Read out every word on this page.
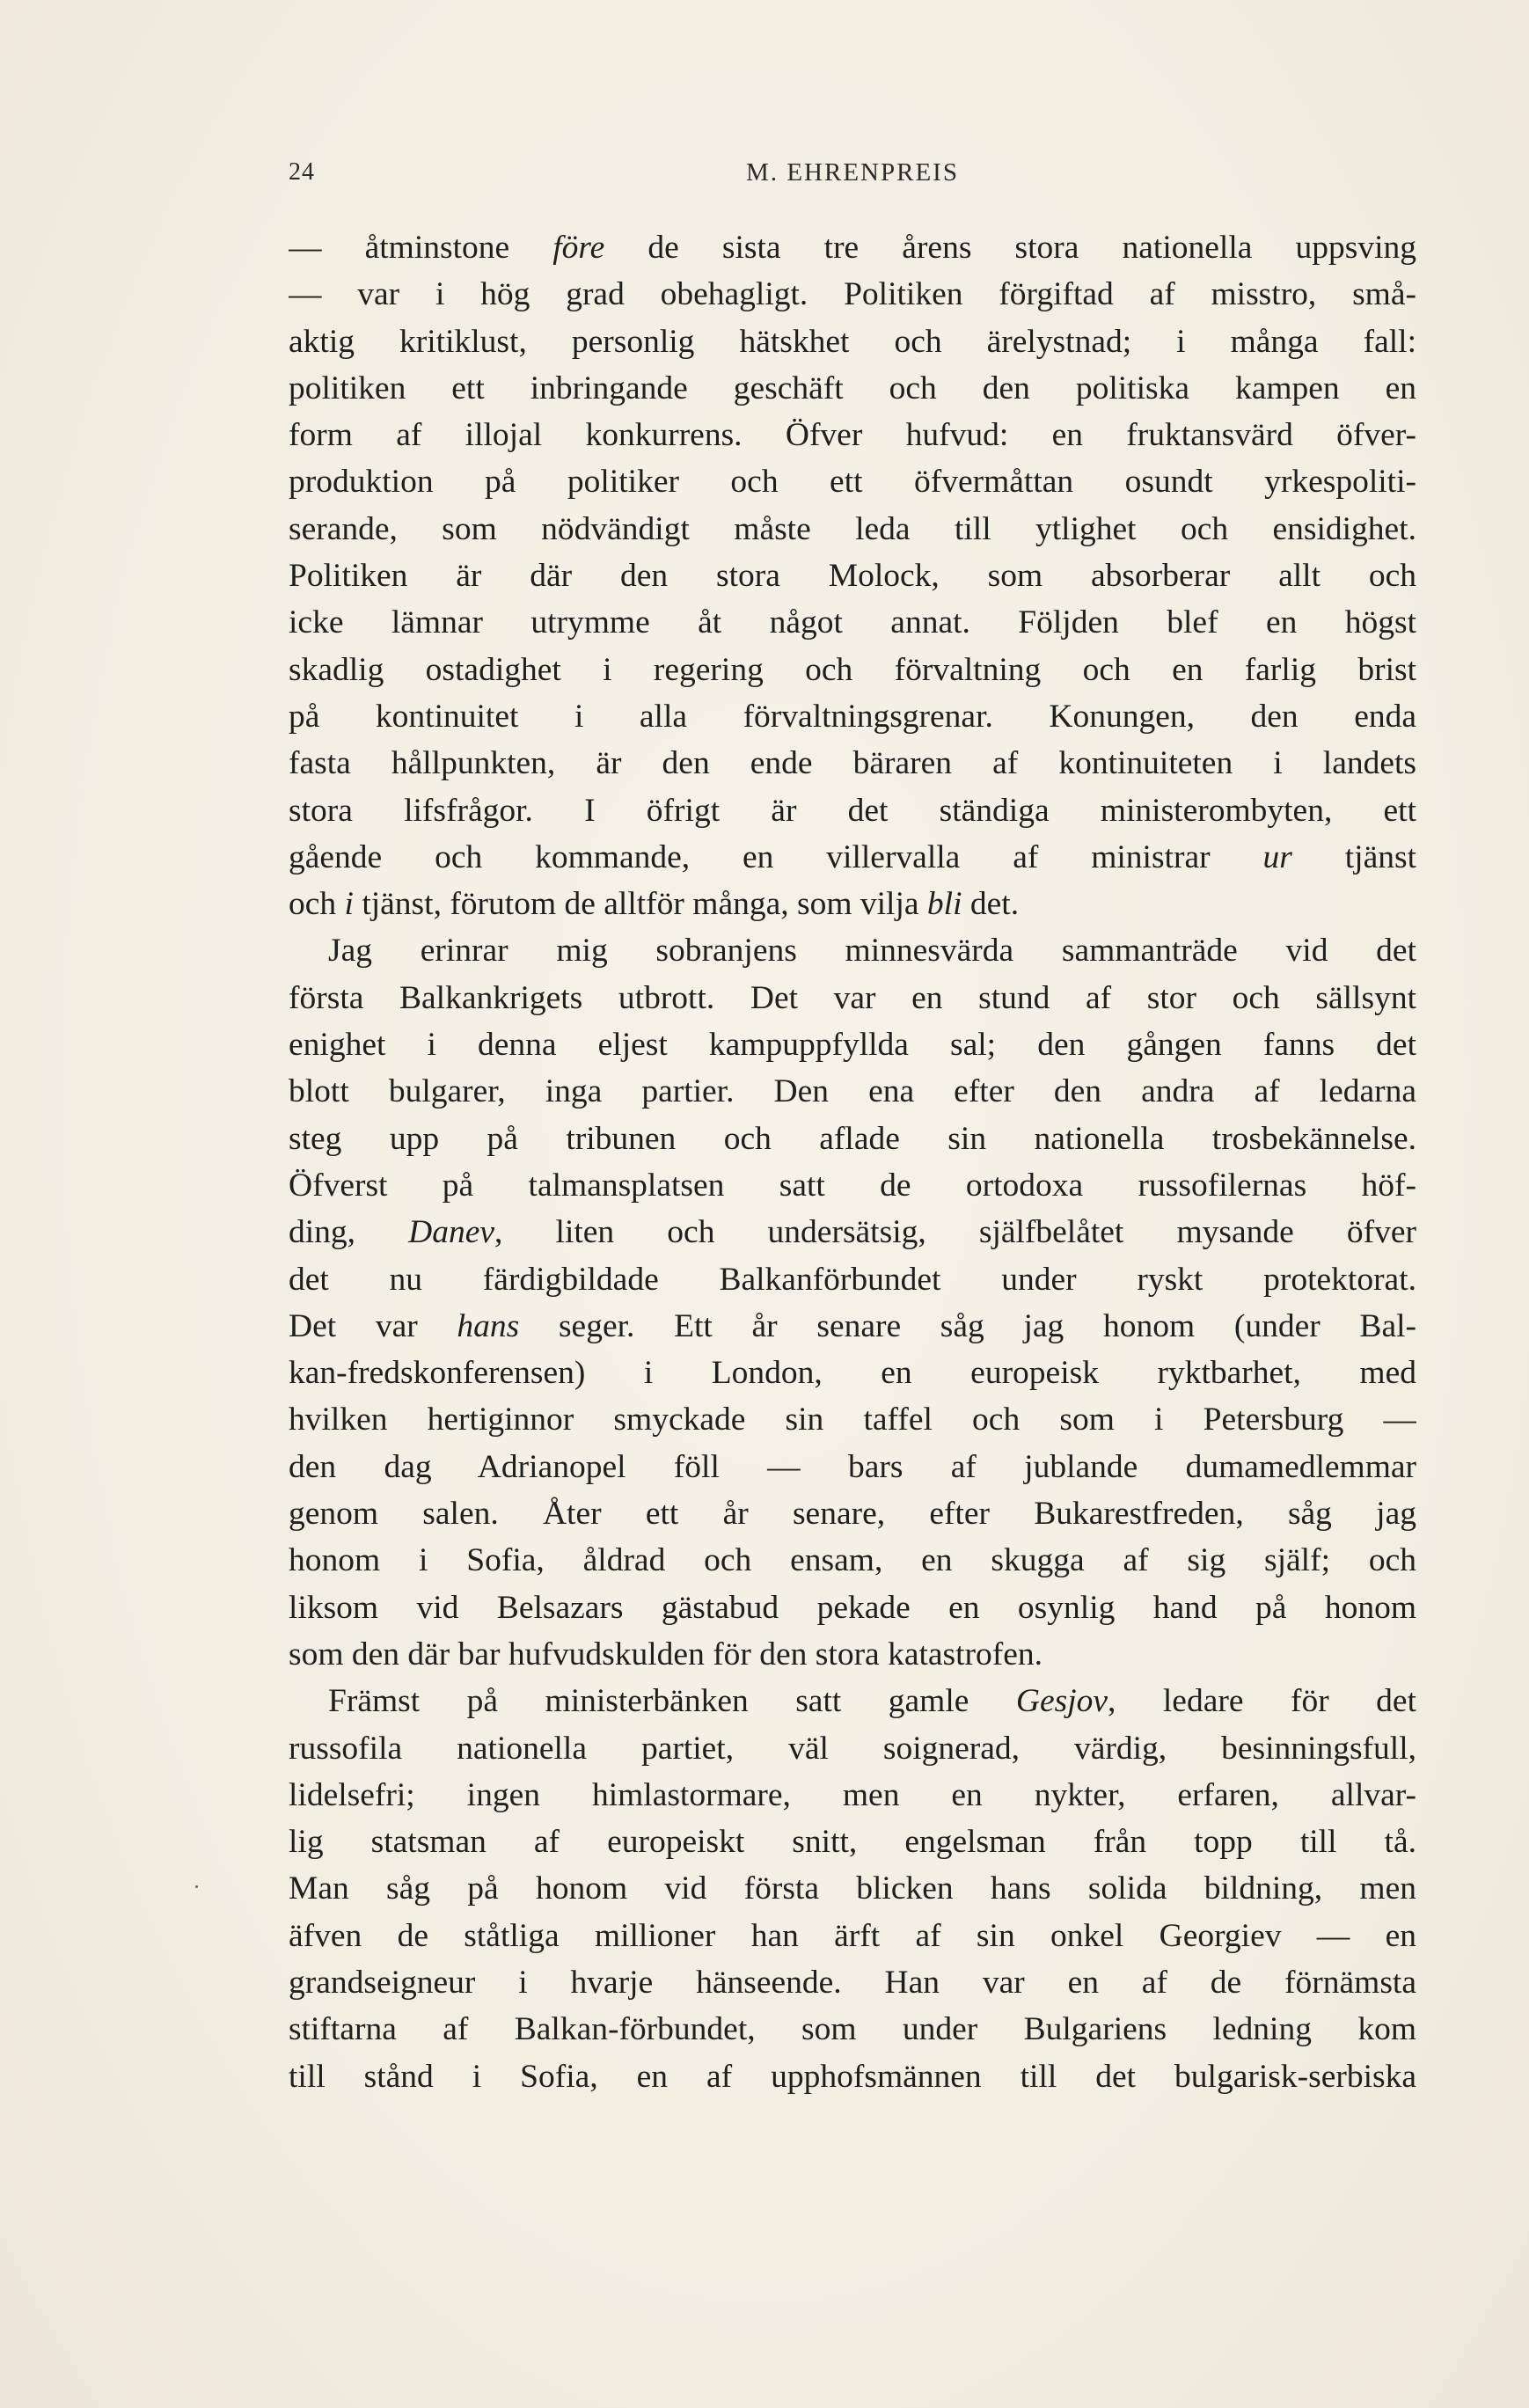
24	M. EHRENPREIS
— åtminstone före de sista tre årens stora nationella uppsving
— var i hög grad obehagligt. Politiken förgiftad af misstro, små-
aktig kritiklust, personlig hätskhet och ärelystnad; i många fall:
politiken ett inbringande geschäft och den politiska kampen en
form af illojal konkurrens. Öfver hufvud: en fruktansvärd öfver-
produktion på politiker och ett öfvermåttan osundt yrkespoliti-
serande, som nödvändigt måste leda till ytlighet och ensidighet.
Politiken är där den stora Molock, som absorberar allt och
icke lämnar utrymme åt något annat. Följden blef en högst
skadlig ostadighet i regering och förvaltning och en farlig brist
på kontinuitet i alla förvaltningsgrenar. Konungen, den enda
fasta hållpunkten, är den ende bäraren af kontinuiteten i landets
stora lifsfrågor. I öfrigt är det ständiga ministerombyten, ett
gående och kommande, en villervalla af ministrar ur tjänst
och i tjänst, förutom de alltför många, som vilja bli det.
Jag erinrar mig sobranjens minnesvärda sammanträde vid det
första Balkankrigets utbrott. Det var en stund af stor och sällsynt
enighet i denna eljest kampuppfyllda sal; den gången fanns det
blott bulgarer, inga partier. Den ena efter den andra af ledarna
steg upp på tribunen och aflade sin nationella trosbekännelse.
Öfverst på talmansplatsen satt de ortodoxa russofilernas höf-
ding, Danev, liten och undersätsig, själfbelåtet mysande öfver
det nu färdigbildade Balkanförbundet under ryskt protektorat.
Det var hans seger. Ett år senare såg jag honom (under Bal-
kan-fredskonferensen) i London, en europeisk ryktbarhet, med
hvilken hertiginnor smyckade sin taffel och som i Petersburg —
den dag Adrianopel föll — bars af jublande dumamedlemmar
genom salen. Åter ett år senare, efter Bukarestfreden, såg jag
honom i Sofia, åldrad och ensam, en skugga af sig själf; och
liksom vid Belsazars gästabud pekade en osynlig hand på honom
som den där bar hufvudskulden för den stora katastrofen.
Främst på ministerbänken satt gamle Gesjov, ledare för det
russofila nationella partiet, väl soignerad, värdig, besinningsfull,
lidelsefri; ingen himlastormare, men en nykter, erfaren, allvar-
lig statsman af europeiskt snitt, engelsman från topp till tå.
Man såg på honom vid första blicken hans solida bildning, men
äfven de ståtliga millioner han ärft af sin onkel Georgiev — en
grandseigneur i hvarje hänseende. Han var en af de förnämsta
stiftarna af Balkan-förbundet, som under Bulgariens ledning kom
till stånd i Sofia, en af upphofsmännen till det bulgarisk-serbiska
